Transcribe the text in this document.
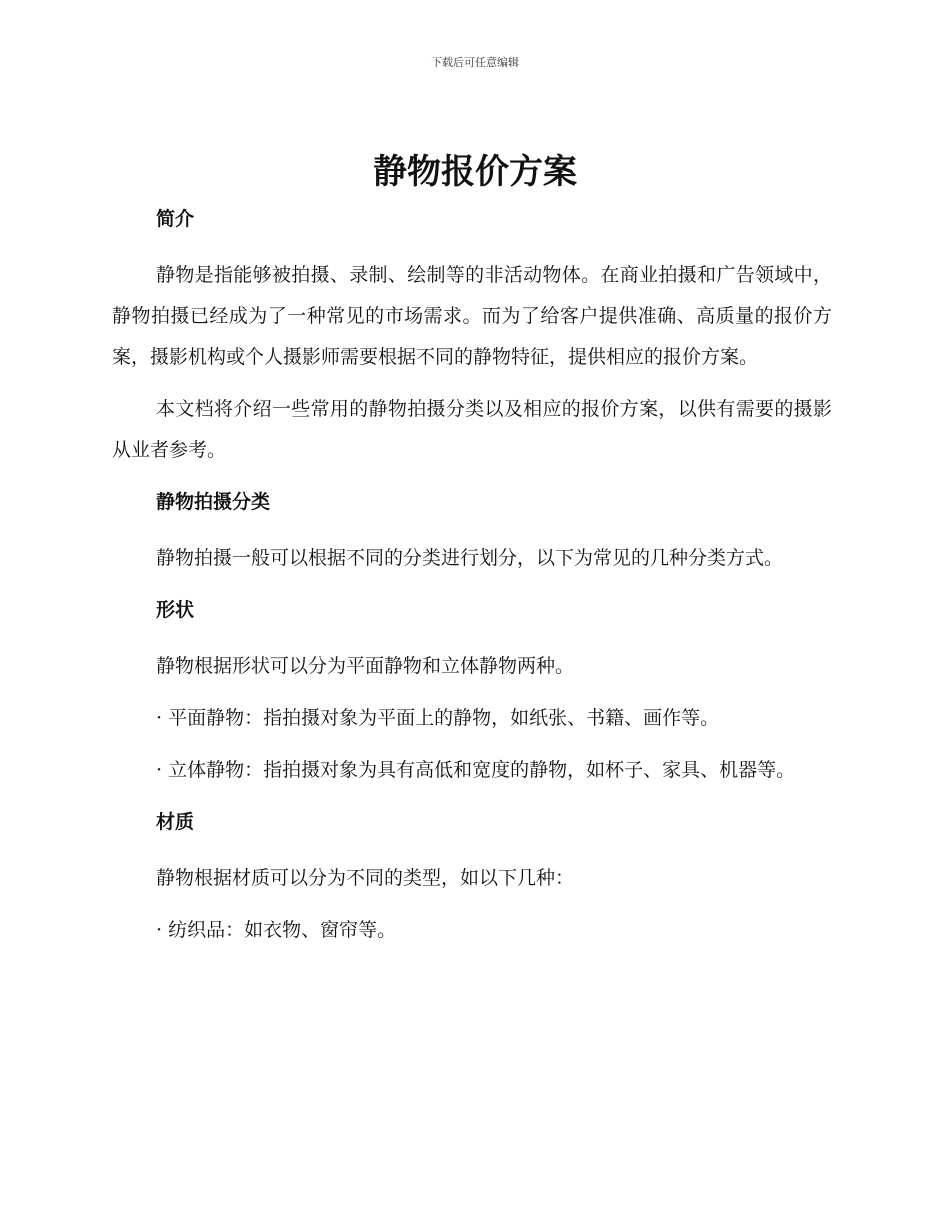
下载后可任意编辑
静物报价方案
简介

静物是指能够被拍摄、录制、绘制等的非活动物体。在商业拍摄和广告领域中，静物拍摄已经成为了一种常见的市场需求。而为了给客户提供准确、高质量的报价方案，摄影机构或个人摄影师需要根据不同的静物特征，提供相应的报价方案。

本文档将介绍一些常用的静物拍摄分类以及相应的报价方案，以供有需要的摄影从业者参考。

静物拍摄分类

静物拍摄一般可以根据不同的分类进行划分，以下为常见的几种分类方式。

形状

静物根据形状可以分为平面静物和立体静物两种。

· 平面静物：指拍摄对象为平面上的静物，如纸张、书籍、画作等。

· 立体静物：指拍摄对象为具有高低和宽度的静物，如杯子、家具、机器等。

材质

静物根据材质可以分为不同的类型，如以下几种：

· 纺织品：如衣物、窗帘等。
